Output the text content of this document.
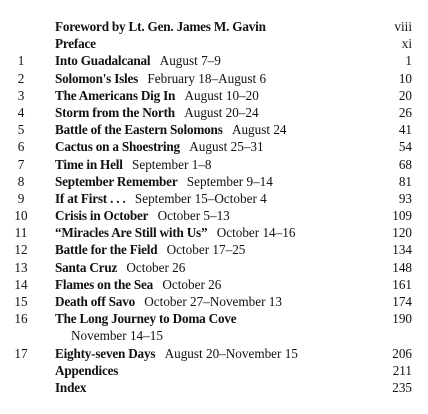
Foreword by Lt. Gen. James M. Gavin	viii
Preface	xi
1	Into Guadalcanal August 7–9	1
2	Solomon's Isles February 18–August 6	10
3	The Americans Dig In August 10–20	20
4	Storm from the North August 20–24	26
5	Battle of the Eastern Solomons August 24	41
6	Cactus on a Shoestring August 25–31	54
7	Time in Hell September 1–8	68
8	September Remember September 9–14	81
9	If at First . . . September 15–October 4	93
10	Crisis in October October 5–13	109
11	“Miracles Are Still with Us” October 14–16	120
12	Battle for the Field October 17–25	134
13	Santa Cruz October 26	148
14	Flames on the Sea October 26	161
15	Death off Savo October 27–November 13	174
16	The Long Journey to Doma Cove	190
November 14–15
17	Eighty-seven Days August 20–November 15	206
Appendices	211
Index	235
